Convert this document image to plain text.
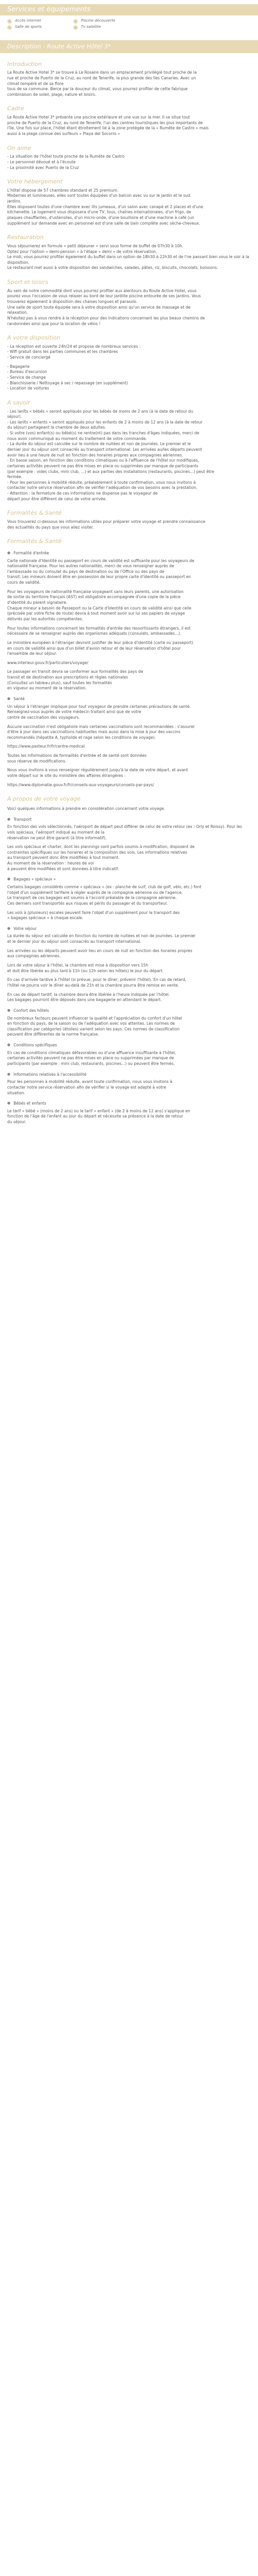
Services et équipements
Accès internet	Piscine découverte
Salle de sports	Tv satellite
Description - Route Active Hôtel 3*
Introduction

La Route Active Hotel 3* se trouve à Le Rosaire dans un emplacement privilégié tout proche de la

rue et proche de Puerto de la Cruz, au nord de Tenerife, la plus grande des îles Canaries. Avec un

climat tempéré et de sa flore

tous de sa commune. Berce par la douceur du climat, vous pourrez profiter de cette fabrique

combinaison de soleil, plage, nature et loisirs.

Cadre

Le Route Active Hotel 3* présente une piscine extérieure et une vue sur la mer. Il se situe tout

proche de Puerto de la Cruz, au nord de Tenerife, l'un des centres touristiques les plus importants de

l'île. Une fois sur place, l'hôtel étant étroitement lié à la zone protégée de la « Ruméte de Castro » mais

aussi à la plage connue des surfeurs « Playa del Socorro »

On aime

- La situation de l'hôtel toute proche de la Ruméte de Castro

- Le personnel dévoué et à l'écoute

- La proximité avec Puerto de la Cruz

Votre hébergement

L'hôtel dispose de 57 chambres standard et 25 premium.

Modernes et lumineuses, elles sont toutes équipées d'un balcon avec vu sur le jardin et le sud.

jardins.

Elles disposent toutes d'une chambre avec lits jumeaux, d'un salon avec canapé et 2 places et d'une

kitchenette. Le logement vous disposera d'une TV, tous, chaînes internationales, d'un frigo, de

plaques chauffantes, d'ustensiles, d'un micro-onde, d'une bouilloire et d'une machine à café (un

supplément sur demande avec en personnel est d'une salle de bain complète avec sèche-cheveux.

Restauration

Vous séjournerez en formule « petit déjeuner » servi sous forme de buffet de 07h30 à 10h.

Optez pour l'option « demi-pension » à l'étape « demi » de votre réservation.

Le midi, vous pourrez profiter également du buffet dans un option de 18h30 à 22h30 et de l'ne passant bien vous le soir à la disposition.

Le restaurant met aussi à votre disposition des sandwiches, salades, pâtes, riz, biscuits, chocolats, boissons.

Sport et loisirs

Au sein de notre commodité dont vous pourrez profiter aux alentours du Route Active Hotel, vous

pourez vous l'occasion de vous relaxer au bord de leur jardiite piscine entourée de ses jardins. Vous

trouverez également à disposition des chaises longues et parasols.

Une salle de sport toute équipée sera à votre disposition ainsi qu'un service de massage et de

relaxation.

N'hésitez pas à vous rendre à la réception pour des indications concernant les plus beaux chemins de

randonnées ainsi que pour la location de vélos !

A votre disposition

- La réception est ouverte 24h/24 et propose de nombreux services :

- Wifi gratuit dans les parties communes et les chambres

- Service de conciergé

- Bagagerie

- Bureau d'excursion

- Service de change

- Blanchisserie / Nettoyage à sec / repassage (en supplément)

- Location de voitures

A savoir

- Les lanîts « bébés » seront appliqués pour les bébés de moins de 2 ans (à la date de retour du

séjour).

- Les lanîts « enfants » seront appliqués pour les enfants de 2 à moins de 12 ans (à la date de retour

du séjour) partageant la chambre de deux adultes.

- Si votre (vos) enfant(s) ou bébé(s) ne rentre(nt) pas dans les tranches d'âges indiquées, merci de

nous avoir communiqué au moment du traitement de votre commande.

- La durée du séjour est calculée sur le nombre de nuitées et non de journées. Le premier et le

dernier jour du séjour sont consacrés au transport international. Les arrivées au/les départs peuvent

avoir lieu à une heure de nuit en fonction des horaires propres aux compagnies aériennes.

- En basse saison, en fonction des conditions climatiques ou à l'affluence de l'hôtel sur modifiques,

certaines activités peuvent ne pas être mises en place ou supprimées par manque de participants

(par exemple : vides clubs, mini club, ...) et aux parties des installations (restaurants, piscines...) peut être

fermée.

- Pour les personnes à mobilité réduite, préalablement à toute confirmation, vous nous invitons à

contacter notre service réservation afin de vérifier l'adéquation de vos besoins avec la prestation.

- Attention : la fermeture de ces informations ne dispense pas le voyageur de

départ pour être différent de celui de votre arrivée.

Formalités & Santé

Vous trouverez ci-dessous les informations utiles pour préparer votre voyage et prendre connaissance

des actualités du pays que vous allez visiter.

Formalités & Santé
● Formalité d'entrée

Carte nationale d'Identité ou passeport en cours de validité est suffisante pour les voyageurs de

nationalité française. Pour les autres nationalités, merci de vous renseigner auprès de

l'ambassade ou du consulat du pays de destination ou de l'Office ou des pays de

transit. Les mineurs doivent être en possession de leur propre carte d'identité ou passeport en

cours de validité.

Pour les voyageurs de nationalité française voyageant sans leurs parents, une autorisation

de sortie du territoire français (AST) est obligatoire accompagnée d'une copie de la pièce

d'identité du parent signataire.

Chaque mineur a besoin de Passeport ou la Carte d'Identité en cours de validité ainsi que celle

(précisée par votre fiche de route) devra à tout moment avoir sur lui ses papiers de voyage

délivrés par les autorités compétentes.

Pour toutes informations concernant les formalités d'entrée des ressortissants étrangers, il est

nécessaire de se renseigner auprès des organismes adéquats (consulats, ambassades...).

Le ministère européen à l'étranger devront justifier de leur pièce d'identité (carte ou passeport)

en cours de validité ainsi que d'un billet d'avion retour et de leur réservation d'hôtel pour

l'ensemble de leur séjour.

www.interieur.gouv.fr/particuliers/voyage/

Le passager en transit devra se conformer aux formalités des pays de

transit et de destination aux prescriptions et règles nationales

(Consultez un tableau plus), sauf toutes les formalités

en vigueur au moment de la réservation.

● Santé

Un séjour à l'étranger implique pour tout voyageur de prendre certaines précautions de santé.

Renseignez-vous auprès de votre médecin traitant ainsi que de votre

centre de vaccination des voyageurs.

Aucune vaccination n'est obligatoire mais certaines vaccinations sont recommandées : s'assurer

d'être à jour dans ses vaccinations habituelles mais aussi dans la mise à jour des vaccins

recommandés (hépatite A, typhoïde et rage selon les conditions de voyage).

https://www.pasteur.fr/fr/centre-medical

Toutes les informations de formalités d'entrée et de santé sont données

sous réserve de modifications.

Nous vous invitons à vous renseigner régulièrement jusqu'à la date de votre départ, et avant

votre départ sur le site du ministère des affaires étrangères :

https://www.diplomatie.gouv.fr/fr/conseils-aux-voyageurs/conseils-par-pays/

A propos de votre voyage

Voici quelques informations à prendre en considération concernant votre voyage.

● Transport

En fonction des vols sélectionnés, l'aéroport de départ peut différer de celui de votre retour (ex : Orly et Roissy). Pour les vols spéciaux, l'aéroport indiqué au moment de la

réservation ne peut être garanti (à titre informatif).

Les vols spéciaux et charter, dont les plannings sont parfois soumis à modification, disposent de

contraintes spécifiques sur les horaires et la composition des vols. Les informations relatives

au transport peuvent donc être modifiées à tout moment.

Au moment de la réservation : heures de vol

à peuvent être modifiées et sont données à titre indicatif.

● Bagages « spéciaux »

Certains bagages considérés comme « spéciaux » (ex : planche de surf, club de golf, vélo, etc.) font

l'objet d'un supplément tarifaire à régler auprès de la compagnie aérienne ou de l'agence.

Le transport de ces bagages est soumis à l'accord préalable de la compagnie aérienne.

Ces derniers sont transportés aux risques et périls du passager et du transporteur.

Les vols à (plusieurs) escales peuvent faire l'objet d'un supplément pour le transport des

« bagages spéciaux » à chaque escale.

● Votre séjour

La durée du séjour est calculée en fonction du nombre de nuitées et non de journées. Le premier

et le dernier jour du séjour sont consacrés au transport international.

Les arrivées ou les départs peuvent avoir lieu en cours de nuit en fonction des horaires propres

aux compagnies aériennes.

Lors de votre séjour à l'hôtel, la chambre est mise à disposition vers 15h

et doit être libérée au plus tard à 11h (ou 12h selon les hôtels) le jour du départ.

En cas d'arrivée tardive à l'hôtel (si prévue, pour le dîner, prévenir l'hôtel). En cas de retard,

l'hôtel ne pourra voir le dîner au-delà de 21h et la chambre pourra être remise en vente.

En cas de départ tardif, la chambre devra être libérée à l'heure indiquée par l'hôtel.

Les bagages pourront être déposés dans une bagagerie en attendant le départ.

● Confort des hôtels

De nombreux facteurs peuvent influencer la qualité et l'appréciation du confort d'un hôtel

en fonction du pays, de la saison ou de l'adéquation avec vos attentes. Les normes de

classification par catégories (étoiles) varient selon les pays. Ces normes de classification

peuvent être différentes de la norme française.

● Conditions spécifiques

En cas de conditions climatiques défavorables ou d'une affluence insuffisante à l'hôtel,

certaines activités peuvent ne pas être mises en place ou supprimées par manque de

participants (par exemple : mini club, restaurants, piscines...) ou peuvent être fermés.

● Informations relatives à l'accessibilité

Pour les personnes à mobilité réduite, avant toute confirmation, nous vous invitons à

contacter notre service réservation afin de vérifier si le voyage est adapté à votre

situation.

● Bébés et enfants

Le tarif « bébé » (moins de 2 ans) ou le tarif « enfant » (de 2 à moins de 12 ans) s'applique en

fonction de l'âge de l'enfant au jour du départ et nécessite sa présence à la date de retour

du séjour.
